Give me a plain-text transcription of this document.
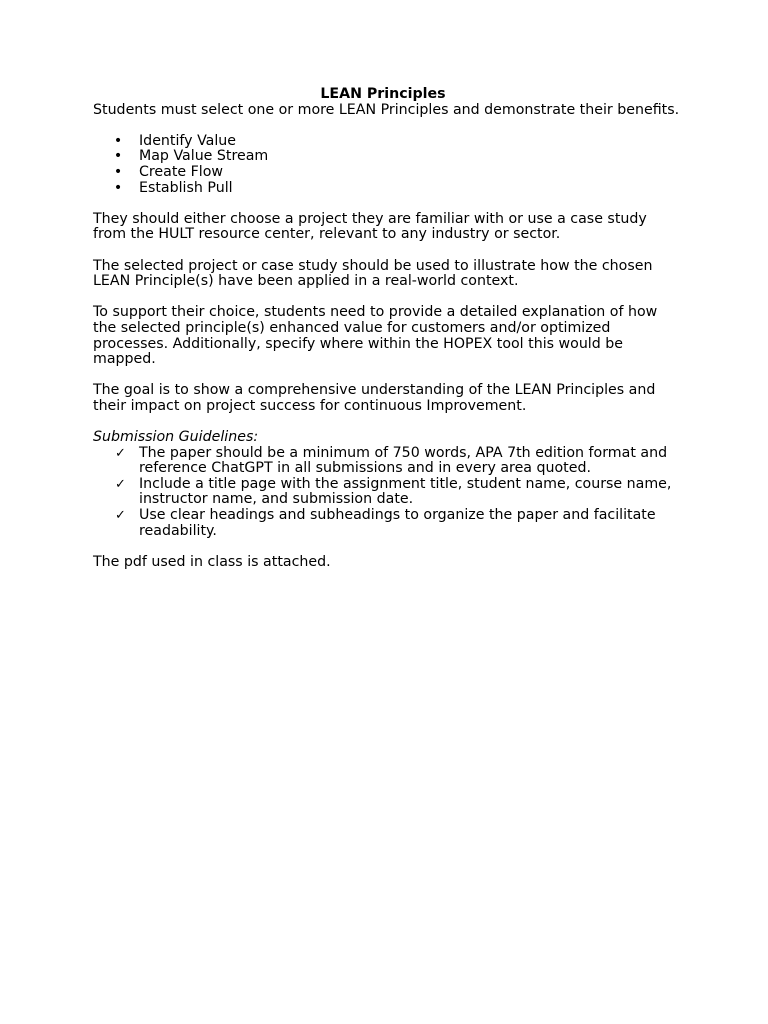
LEAN Principles

Students must select one or more LEAN Principles and demonstrate their benefits.

• Identify Value
• Map Value Stream
• Create Flow
• Establish Pull

They should either choose a project they are familiar with or use a case study from the HULT resource center, relevant to any industry or sector.

The selected project or case study should be used to illustrate how the chosen LEAN Principle(s) have been applied in a real-world context.

To support their choice, students need to provide a detailed explanation of how the selected principle(s) enhanced value for customers and/or optimized processes. Additionally, specify where within the HOPEX tool this would be mapped.

The goal is to show a comprehensive understanding of the LEAN Principles and their impact on project success for continuous Improvement.

Submission Guidelines:

✓ The paper should be a minimum of 750 words, APA 7th edition format and reference ChatGPT in all submissions and in every area quoted.
✓ Include a title page with the assignment title, student name, course name, instructor name, and submission date.
✓ Use clear headings and subheadings to organize the paper and facilitate readability.

The pdf used in class is attached.
